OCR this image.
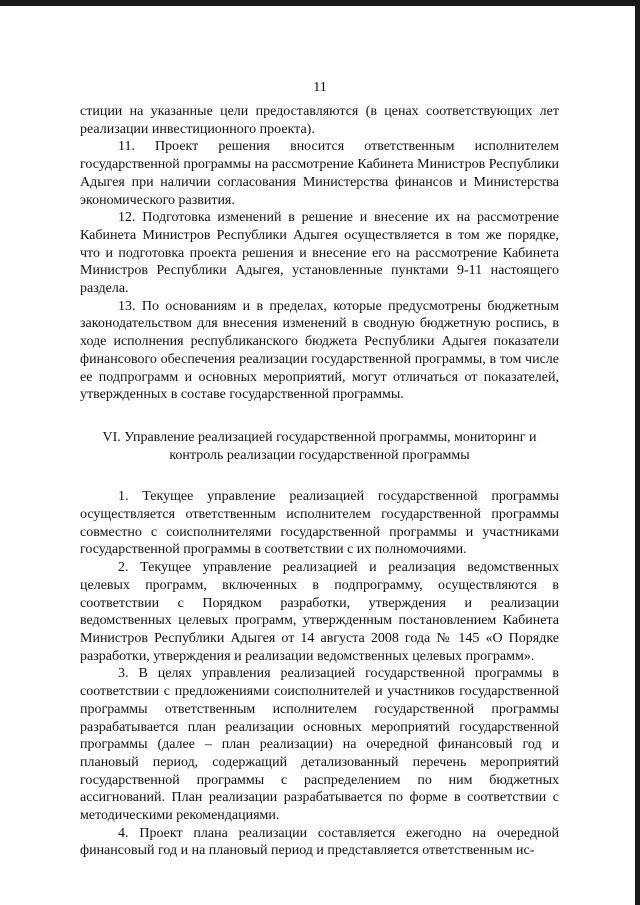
11

стиции на указанные цели предоставляются (в ценах соответствующих лет реализации инвестиционного проекта).

11. Проект решения вносится ответственным исполнителем государственной программы на рассмотрение Кабинета Министров Республики Адыгея при наличии согласования Министерства финансов и Министерства экономического развития.

12. Подготовка изменений в решение и внесение их на рассмотрение Кабинета Министров Республики Адыгея осуществляется в том же порядке, что и подготовка проекта решения и внесение его на рассмотрение Кабинета Министров Республики Адыгея, установленные пунктами 9-11 настоящего раздела.

13. По основаниям и в пределах, которые предусмотрены бюджетным законодательством для внесения изменений в сводную бюджетную роспись, в ходе исполнения республиканского бюджета Республики Адыгея показатели финансового обеспечения реализации государственной программы, в том числе ее подпрограмм и основных мероприятий, могут отличаться от показателей, утвержденных в составе государственной программы.

VI. Управление реализацией государственной программы, мониторинг и
контроль реализации государственной программы

1. Текущее управление реализацией государственной программы осуществляется ответственным исполнителем государственной программы совместно с соисполнителями государственной программы и участниками государственной программы в соответствии с их полномочиями.

2. Текущее управление реализацией и реализация ведомственных целевых программ, включенных в подпрограмму, осуществляются в соответствии с Порядком разработки, утверждения и реализации ведомственных целевых программ, утвержденным постановлением Кабинета Министров Республики Адыгея от 14 августа 2008 года № 145 «О Порядке разработки, утверждения и реализации ведомственных целевых программ».

3. В целях управления реализацией государственной программы в соответствии с предложениями соисполнителей и участников государственной программы ответственным исполнителем государственной программы разрабатывается план реализации основных мероприятий государственной программы (далее – план реализации) на очередной финансовый год и плановый период, содержащий детализованный перечень мероприятий государственной программы с распределением по ним бюджетных ассигнований. План реализации разрабатывается по форме в соответствии с методическими рекомендациями.

4. Проект плана реализации составляется ежегодно на очередной финансовый год и на плановый период и представляется ответственным ис-
